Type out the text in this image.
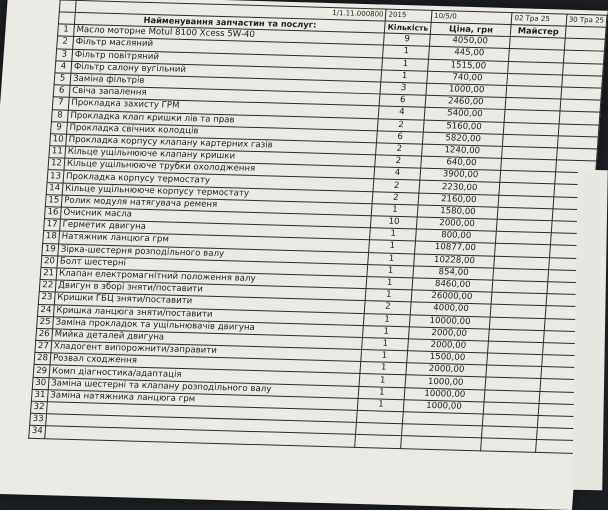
	1/1.11.000800	2015	10/5/0	02 Тра 25	30 Тра 25
	Найменування запчастин та послуг:	Кількість	Ціна, грн	Майстер	
1	Масло моторне Motul 8100 Xcess 5W-40	9	4050,00		
2	Фільтр масляний	1	445,00		
3	Фільтр повітряний	1	1515,00		
4	Фільтр салону вугільний	1	740,00		
5	Заміна фільтрів	3	1000,00		
6	Свіча запалення	6	2460,00		
7	Прокладка захисту ГРМ	4	5400,00		
8	Прокладка клап кришки лів та прав	2	5160,00		
9	Прокладка свічних колодців	6	5820,00		
10	Прокладка корпусу клапану картерних газів	2	1240,00		
11	Кільце ущільнююче клапану кришки	2	640,00		
12	Кільце ущільнююче трубки охолодження	4	3900,00		
13	Прокладка корпусу термостату	2	2230,00		
14	Кільце ущільнююче корпусу термостату	2	2160,00		
15	Ролик модуля натягувача ременя	1	1580,00		
16	Очисник масла	10	2000,00		
17	Герметик двигуна	1	800,00		
18	Натяжник ланцюга грм	1	10877,00		
19	Зірка-шестерня розподільного валу	1	10228,00		
20	Болт шестерні	1	854,00		
21	Клапан електромагнітний положення валу	1	8460,00		
22	Двигун в зборі зняти/поставити	1	26000,00		
23	Кришки ГБЦ зняти/поставити	2	4000,00		
24	Кришка ланцюга зняти/поставити	1	10000,00		
25	Заміна прокладок та ущільнювачів двигуна	1	2000,00		
26	Мийка деталей двигуна	1	2000,00		
27	Хладогент випорожнити/заправити	1	1500,00		
28	Розвал сходження	1	2000,00		
29	Комп діагностика/адаптація	1	1000,00		
30	Заміна шестерні та клапану розподільного валу	1	10000,00		
31	Заміна натяжника ланцюга грм	1	1000,00		
32					
33					
34					
